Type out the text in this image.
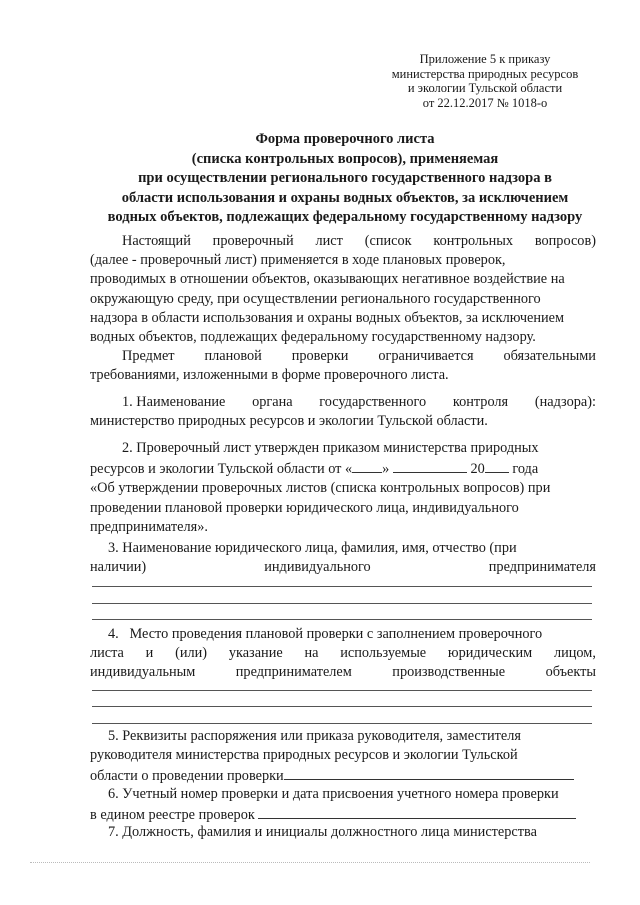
Приложение 5 к приказу
министерства природных ресурсов
и экологии Тульской области
от 22.12.2017 № 1018-о
Форма проверочного листа
(списка контрольных вопросов), применяемая
при осуществлении регионального государственного надзора в
области использования и охраны водных объектов, за исключением
водных объектов, подлежащих федеральному государственному надзору
Настоящий проверочный лист (список контрольных вопросов)
(далее - проверочный лист) применяется в ходе плановых проверок,
проводимых в отношении объектов, оказывающих негативное воздействие на
окружающую среду, при осуществлении регионального государственного
надзора в области использования и охраны водных объектов, за исключением
водных объектов, подлежащих федеральному государственному надзору.
Предмет плановой проверки ограничивается обязательными
требованиями, изложенными в форме проверочного листа.
1. Наименование органа государственного контроля (надзора):
министерство природных ресурсов и экологии Тульской области.
2. Проверочный лист утвержден приказом министерства природных
ресурсов и экологии Тульской области от « »	20 года
«Об утверждении проверочных листов (списка контрольных вопросов) при
проведении плановой проверки юридического лица, индивидуального
предпринимателя».
3. Наименование юридического лица, фамилия, имя, отчество (при
наличии)	индивидуального	предпринимателя
4. Место проведения плановой проверки с заполнением проверочного
листа и (или) указание на используемые юридическим лицом,
индивидуальным	предпринимателем	производственные	объекты
5. Реквизиты распоряжения или приказа руководителя, заместителя
руководителя министерства природных ресурсов и экологии Тульской
области о проведении проверки
6. Учетный номер проверки и дата присвоения учетного номера проверки
в едином реестре проверок
7. Должность, фамилия и инициалы должностного лица министерства
